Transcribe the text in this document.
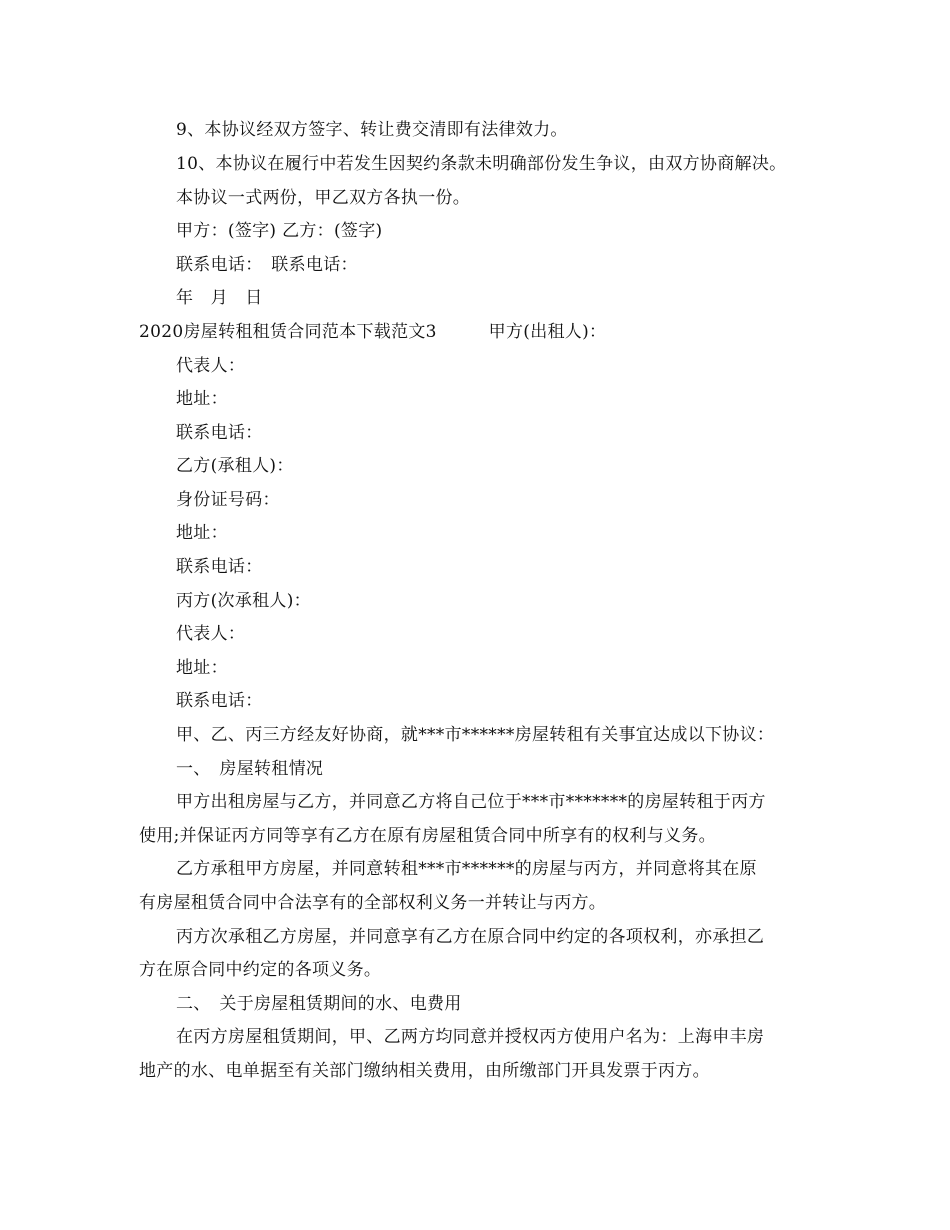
9、本协议经双方签字、转让费交清即有法律效力。
10、本协议在履行中若发生因契约条款未明确部份发生争议，由双方协商解决。
本协议一式两份，甲乙双方各执一份。
甲方：(签字) 乙方：(签字)
联系电话：　联系电话：
年　月　日
2020房屋转租租赁合同范本下载范文3　　　甲方(出租人)：
代表人：
地址：
联系电话：
乙方(承租人)：
身份证号码：
地址：
联系电话：
丙方(次承租人)：
代表人：
地址：
联系电话：
甲、乙、丙三方经友好协商，就***市******房屋转租有关事宜达成以下协议：
一、　房屋转租情况
甲方出租房屋与乙方，并同意乙方将自己位于***市*******的房屋转租于丙方
使用;并保证丙方同等享有乙方在原有房屋租赁合同中所享有的权利与义务。
乙方承租甲方房屋，并同意转租***市******的房屋与丙方，并同意将其在原
有房屋租赁合同中合法享有的全部权利义务一并转让与丙方。
丙方次承租乙方房屋，并同意享有乙方在原合同中约定的各项权利，亦承担乙
方在原合同中约定的各项义务。
二、　关于房屋租赁期间的水、电费用
在丙方房屋租赁期间，甲、乙两方均同意并授权丙方使用户名为：上海申丰房
地产的水、电单据至有关部门缴纳相关费用，由所缴部门开具发票于丙方。
